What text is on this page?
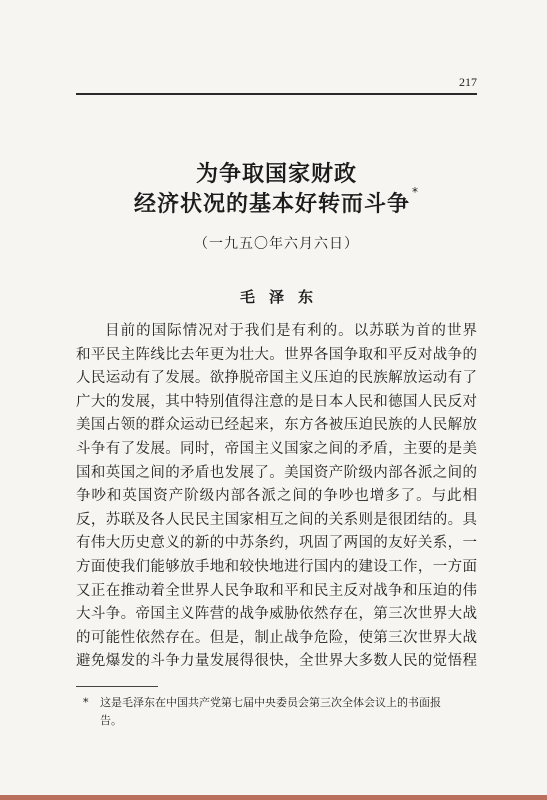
217
为争取国家财政
经济状况的基本好转而斗争 *
（一九五〇年六月六日）
毛泽东
目前的国际情况对于我们是有利的。以苏联为首的世界
和平民主阵线比去年更为壮大。世界各国争取和平反对战争的
人民运动有了发展。欲挣脱帝国主义压迫的民族解放运动有了
广大的发展，其中特别值得注意的是日本人民和德国人民反对
美国占领的群众运动已经起来，东方各被压迫民族的人民解放
斗争有了发展。同时，帝国主义国家之间的矛盾，主要的是美
国和英国之间的矛盾也发展了。美国资产阶级内部各派之间的
争吵和英国资产阶级内部各派之间的争吵也增多了。与此相
反，苏联及各人民民主国家相互之间的关系则是很团结的。具
有伟大历史意义的新的中苏条约，巩固了两国的友好关系，一
方面使我们能够放手地和较快地进行国内的建设工作，一方面
又正在推动着全世界人民争取和平和民主反对战争和压迫的伟
大斗争。帝国主义阵营的战争威胁依然存在，第三次世界大战
的可能性依然存在。但是，制止战争危险，使第三次世界大战
避免爆发的斗争力量发展得很快，全世界大多数人民的觉悟程
* 这是毛泽东在中国共产党第七届中央委员会第三次全体会议上的书面报
告。
